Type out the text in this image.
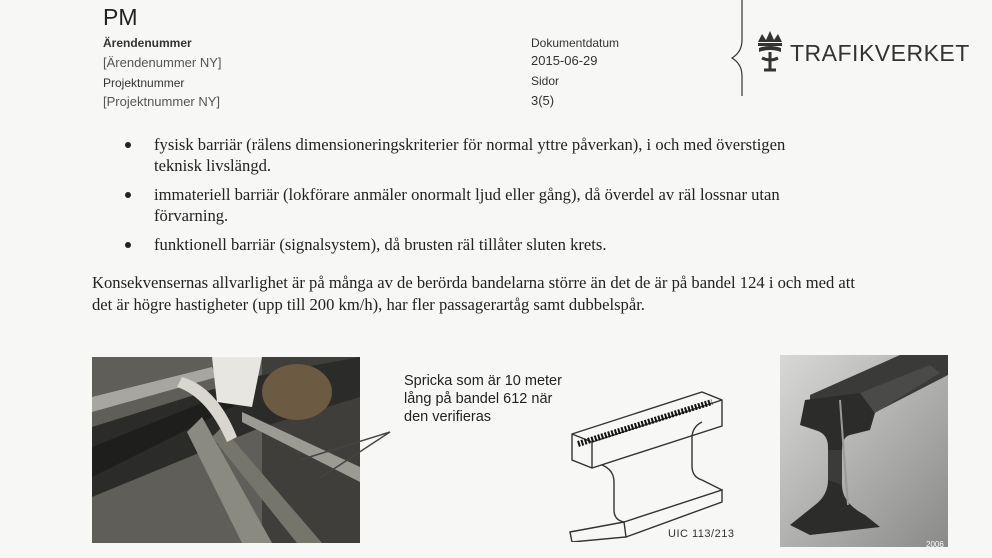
PM
Ärendenummer
[Ärendenummer NY]
Projektnummer
[Projektnummer NY]
Dokumentdatum
2015-06-29
Sidor
3(5)
TRAFIKVERKET
fysisk barriär (rälens dimensioneringskriterier för normal yttre påverkan), i och med överstigen teknisk livslängd.
immateriell barriär (lokförare anmäler onormalt ljud eller gång), då överdel av räl lossnar utan förvarning.
funktionell barriär (signalsystem), då brusten räl tillåter sluten krets.
Konsekvensernas allvarlighet är på många av de berörda bandelarna större än det de är på bandel 124 i och med att det är högre hastigheter (upp till 200 km/h), har fler passagerartåg samt dubbelspår.
Spricka som är 10 meter lång på bandel 612 när den verifieras
UIC 113/213
2006
